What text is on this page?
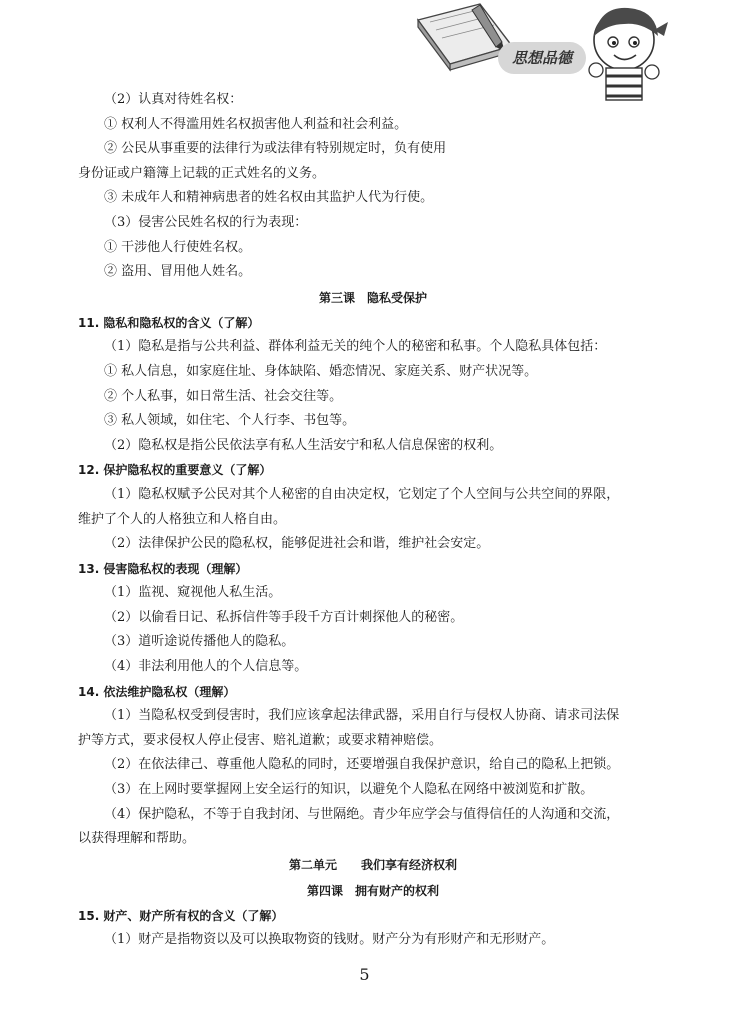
思想品德
（2）认真对待姓名权：
① 权利人不得滥用姓名权损害他人利益和社会利益。
② 公民从事重要的法律行为或法律有特别规定时，负有使用
身份证或户籍簿上记载的正式姓名的义务。
③ 未成年人和精神病患者的姓名权由其监护人代为行使。
（3）侵害公民姓名权的行为表现：
① 干涉他人行使姓名权。
② 盗用、冒用他人姓名。
第三课　隐私受保护
11. 隐私和隐私权的含义（了解）
（1）隐私是指与公共利益、群体利益无关的纯个人的秘密和私事。个人隐私具体包括：
① 私人信息，如家庭住址、身体缺陷、婚恋情况、家庭关系、财产状况等。
② 个人私事，如日常生活、社会交往等。
③ 私人领域，如住宅、个人行李、书包等。
（2）隐私权是指公民依法享有私人生活安宁和私人信息保密的权利。
12. 保护隐私权的重要意义（了解）
（1）隐私权赋予公民对其个人秘密的自由决定权，它划定了个人空间与公共空间的界限，
维护了个人的人格独立和人格自由。
（2）法律保护公民的隐私权，能够促进社会和谐，维护社会安定。
13. 侵害隐私权的表现（理解）
（1）监视、窥视他人私生活。
（2）以偷看日记、私拆信件等手段千方百计刺探他人的秘密。
（3）道听途说传播他人的隐私。
（4）非法利用他人的个人信息等。
14. 依法维护隐私权（理解）
（1）当隐私权受到侵害时，我们应该拿起法律武器，采用自行与侵权人协商、请求司法保
护等方式，要求侵权人停止侵害、赔礼道歉；或要求精神赔偿。
（2）在依法律己、尊重他人隐私的同时，还要增强自我保护意识，给自己的隐私上把锁。
（3）在上网时要掌握网上安全运行的知识，以避免个人隐私在网络中被浏览和扩散。
（4）保护隐私，不等于自我封闭、与世隔绝。青少年应学会与值得信任的人沟通和交流，
以获得理解和帮助。
第二单元　　我们享有经济权利
第四课　拥有财产的权利
15. 财产、财产所有权的含义（了解）
（1）财产是指物资以及可以换取物资的钱财。财产分为有形财产和无形财产。
5
